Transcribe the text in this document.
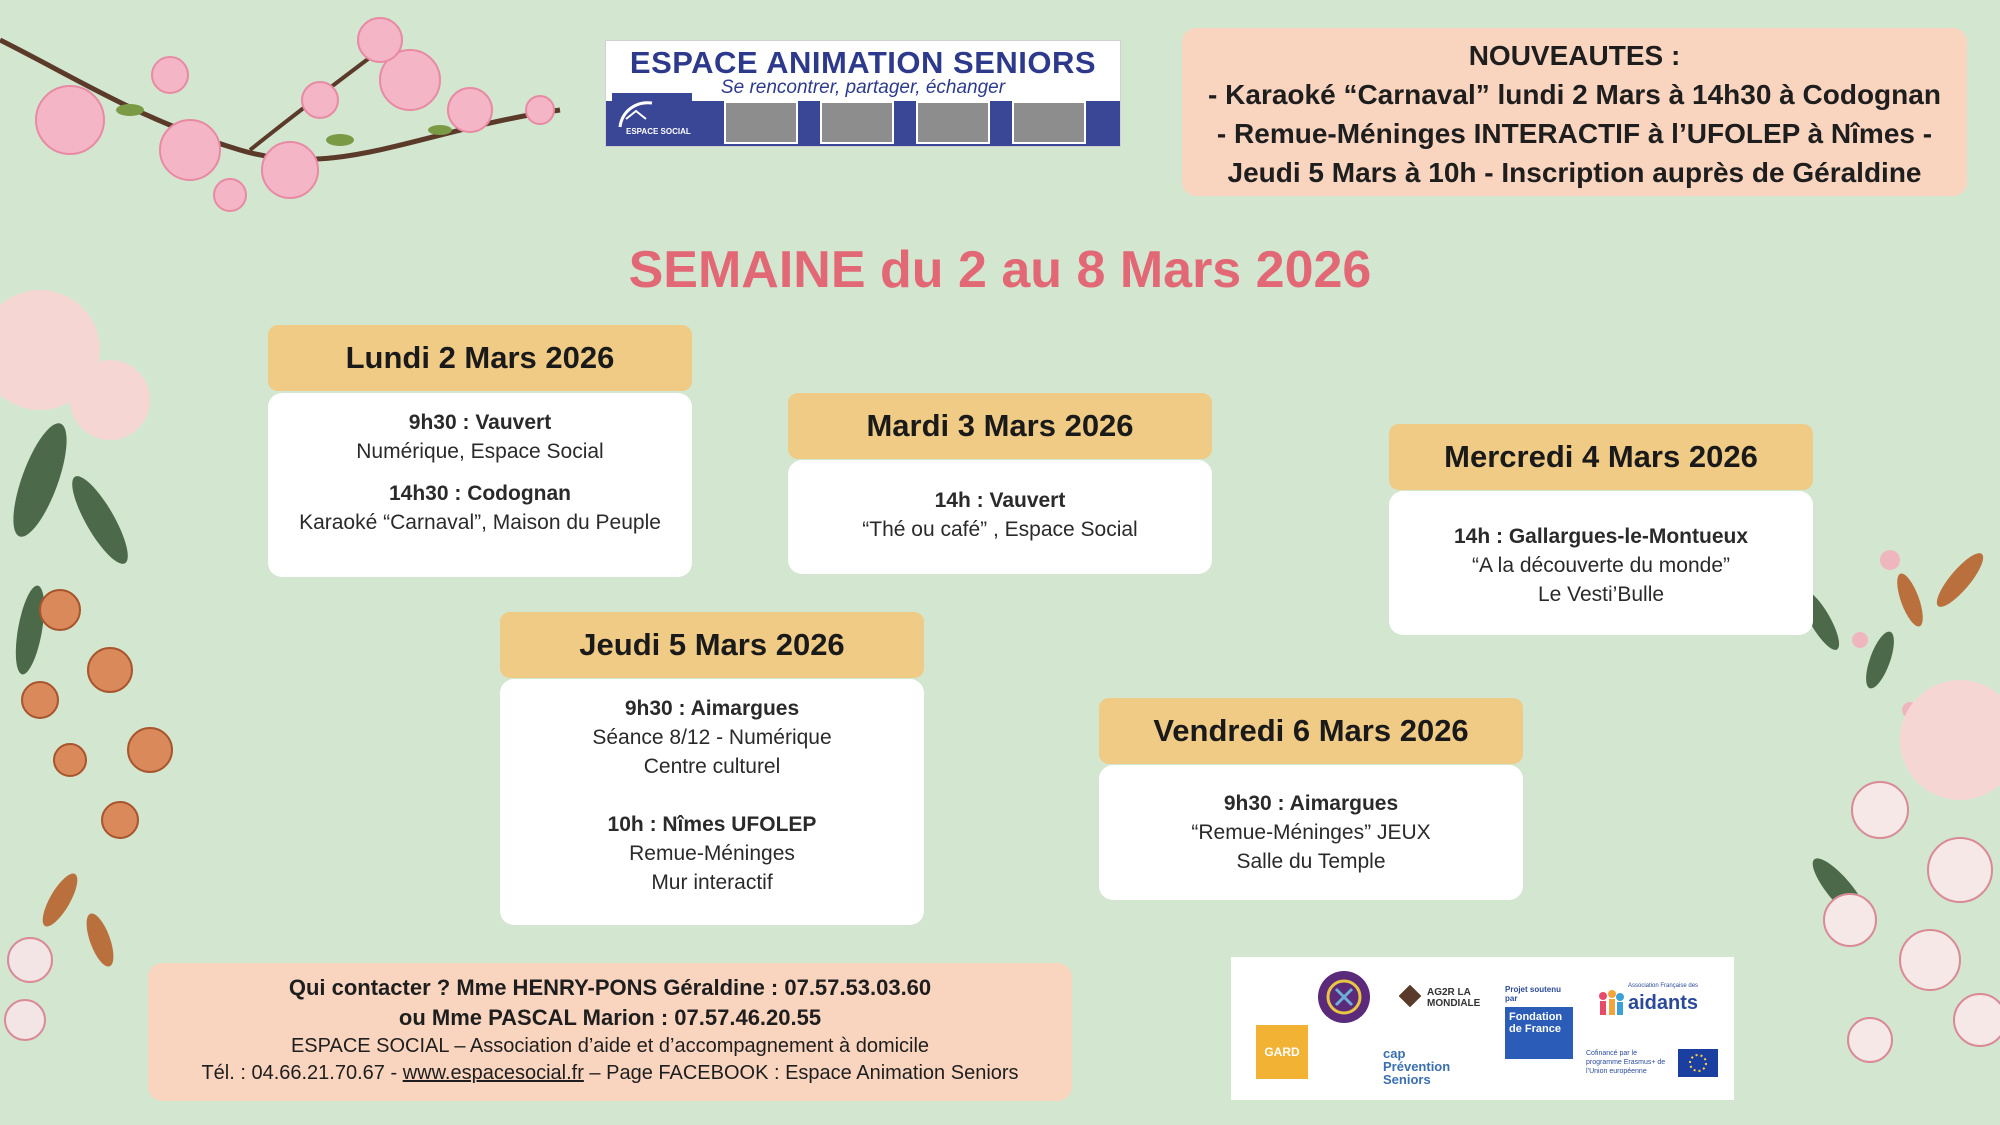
ESPACE ANIMATION SENIORS
Se rencontrer, partager, échanger
ESPACE SOCIAL
NOUVEAUTES :
- Karaoké “Carnaval” lundi 2 Mars à 14h30 à Codognan
- Remue-Méninges INTERACTIF à l’UFOLEP à Nîmes -
Jeudi 5 Mars à 10h - Inscription auprès de Géraldine
SEMAINE du 2 au 8 Mars 2026
Lundi 2 Mars 2026
9h30 : Vauvert
Numérique, Espace Social
14h30 : Codognan
Karaoké “Carnaval”, Maison du Peuple
Mardi 3 Mars 2026
14h : Vauvert
“Thé ou café” , Espace Social
Mercredi 4 Mars 2026
14h : Gallargues-le-Montueux
“A la découverte du monde”
Le Vesti’Bulle
Jeudi 5 Mars 2026
9h30 : Aimargues
Séance 8/12 - Numérique
Centre culturel
10h : Nîmes UFOLEP
Remue-Méninges
Mur interactif
Vendredi 6 Mars 2026
9h30 : Aimargues
“Remue-Méninges” JEUX
Salle du Temple
Qui contacter ? Mme HENRY-PONS Géraldine : 07.57.53.03.60
ou Mme PASCAL Marion : 07.57.46.20.55
ESPACE SOCIAL – Association d’aide et d’accompagnement à domicile
Tél. : 04.66.21.70.67 - www.espacesocial.fr – Page FACEBOOK : Espace Animation Seniors
GARD
AG2R LA MONDIALE
cap Prévention Seniors
Projet soutenu par
Fondation de France
Association Française des
aidants
Cofinancé par le programme Erasmus+ de l’Union européenne
